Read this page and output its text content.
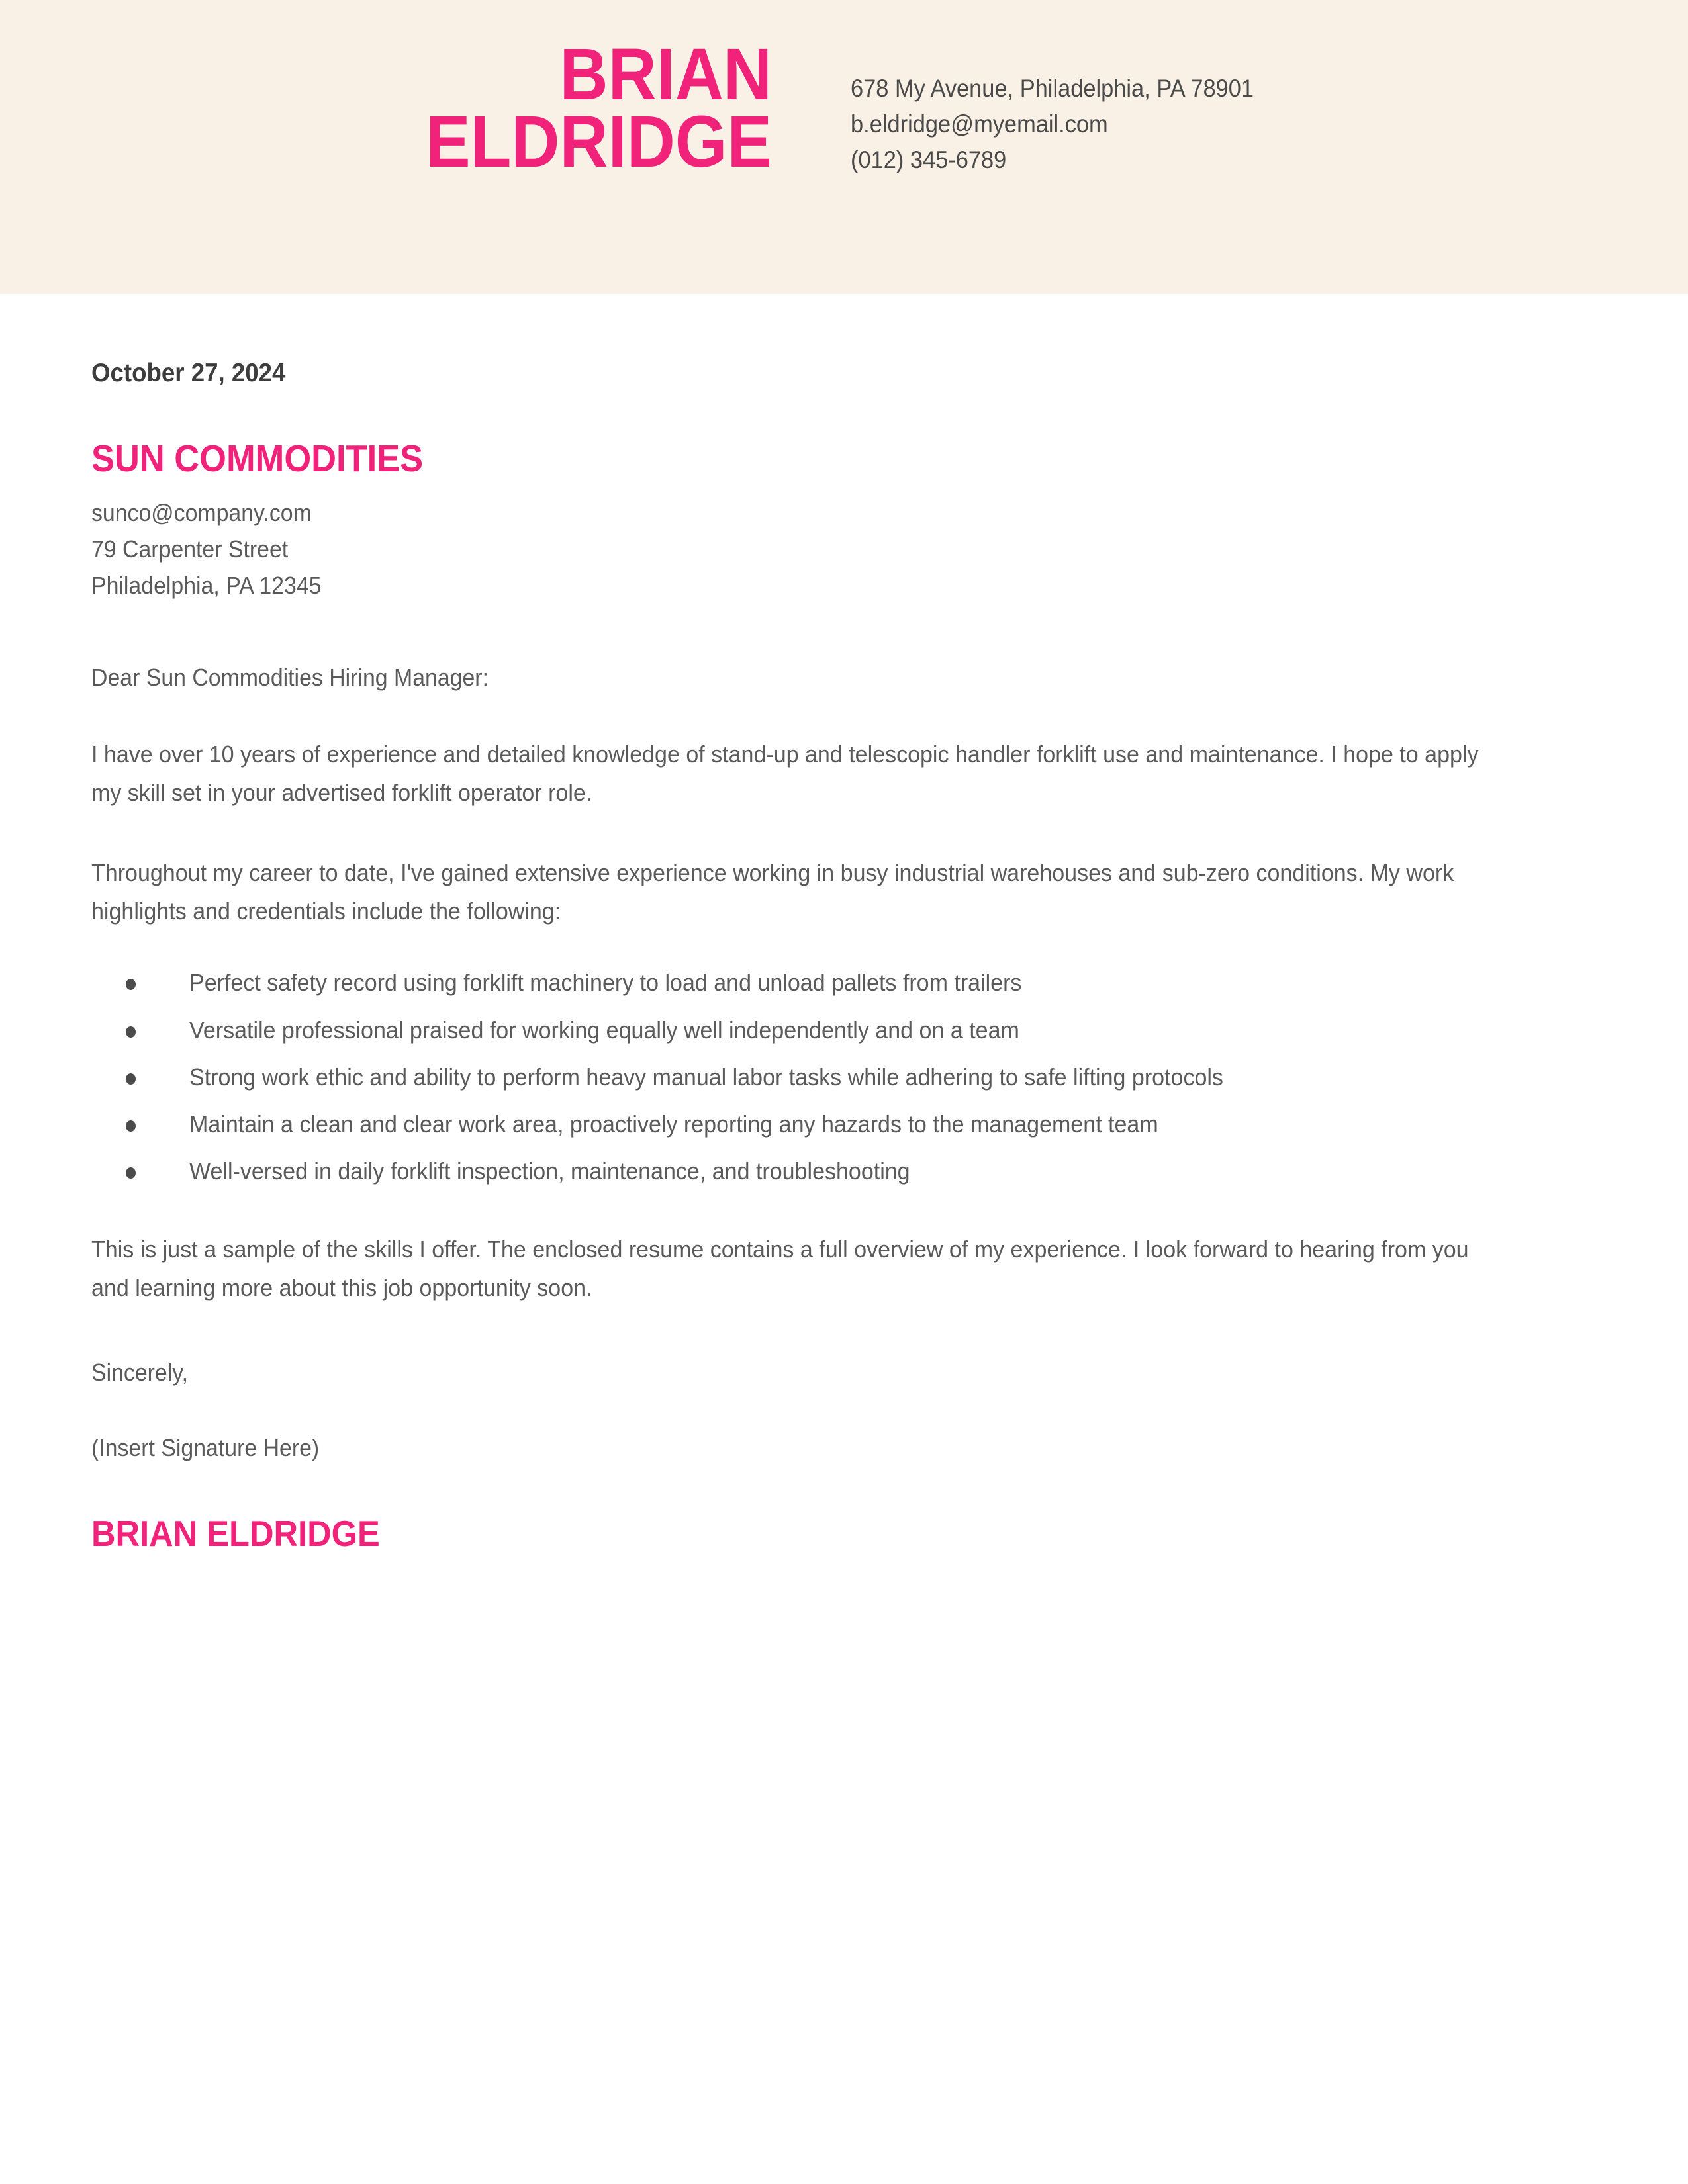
BRIAN
ELDRIDGE
678 My Avenue, Philadelphia, PA 78901
b.eldridge@myemail.com
(012) 345-6789
October 27, 2024
SUN COMMODITIES
sunco@company.com
79 Carpenter Street
Philadelphia, PA 12345
Dear Sun Commodities Hiring Manager:
I have over 10 years of experience and detailed knowledge of stand-up and telescopic handler forklift use and maintenance. I hope to apply my skill set in your advertised forklift operator role.
Throughout my career to date, I've gained extensive experience working in busy industrial warehouses and sub-zero conditions. My work highlights and credentials include the following:
Perfect safety record using forklift machinery to load and unload pallets from trailers
Versatile professional praised for working equally well independently and on a team
Strong work ethic and ability to perform heavy manual labor tasks while adhering to safe lifting protocols
Maintain a clean and clear work area, proactively reporting any hazards to the management team
Well-versed in daily forklift inspection, maintenance, and troubleshooting
This is just a sample of the skills I offer. The enclosed resume contains a full overview of my experience. I look forward to hearing from you and learning more about this job opportunity soon.
Sincerely,
(Insert Signature Here)
BRIAN ELDRIDGE
